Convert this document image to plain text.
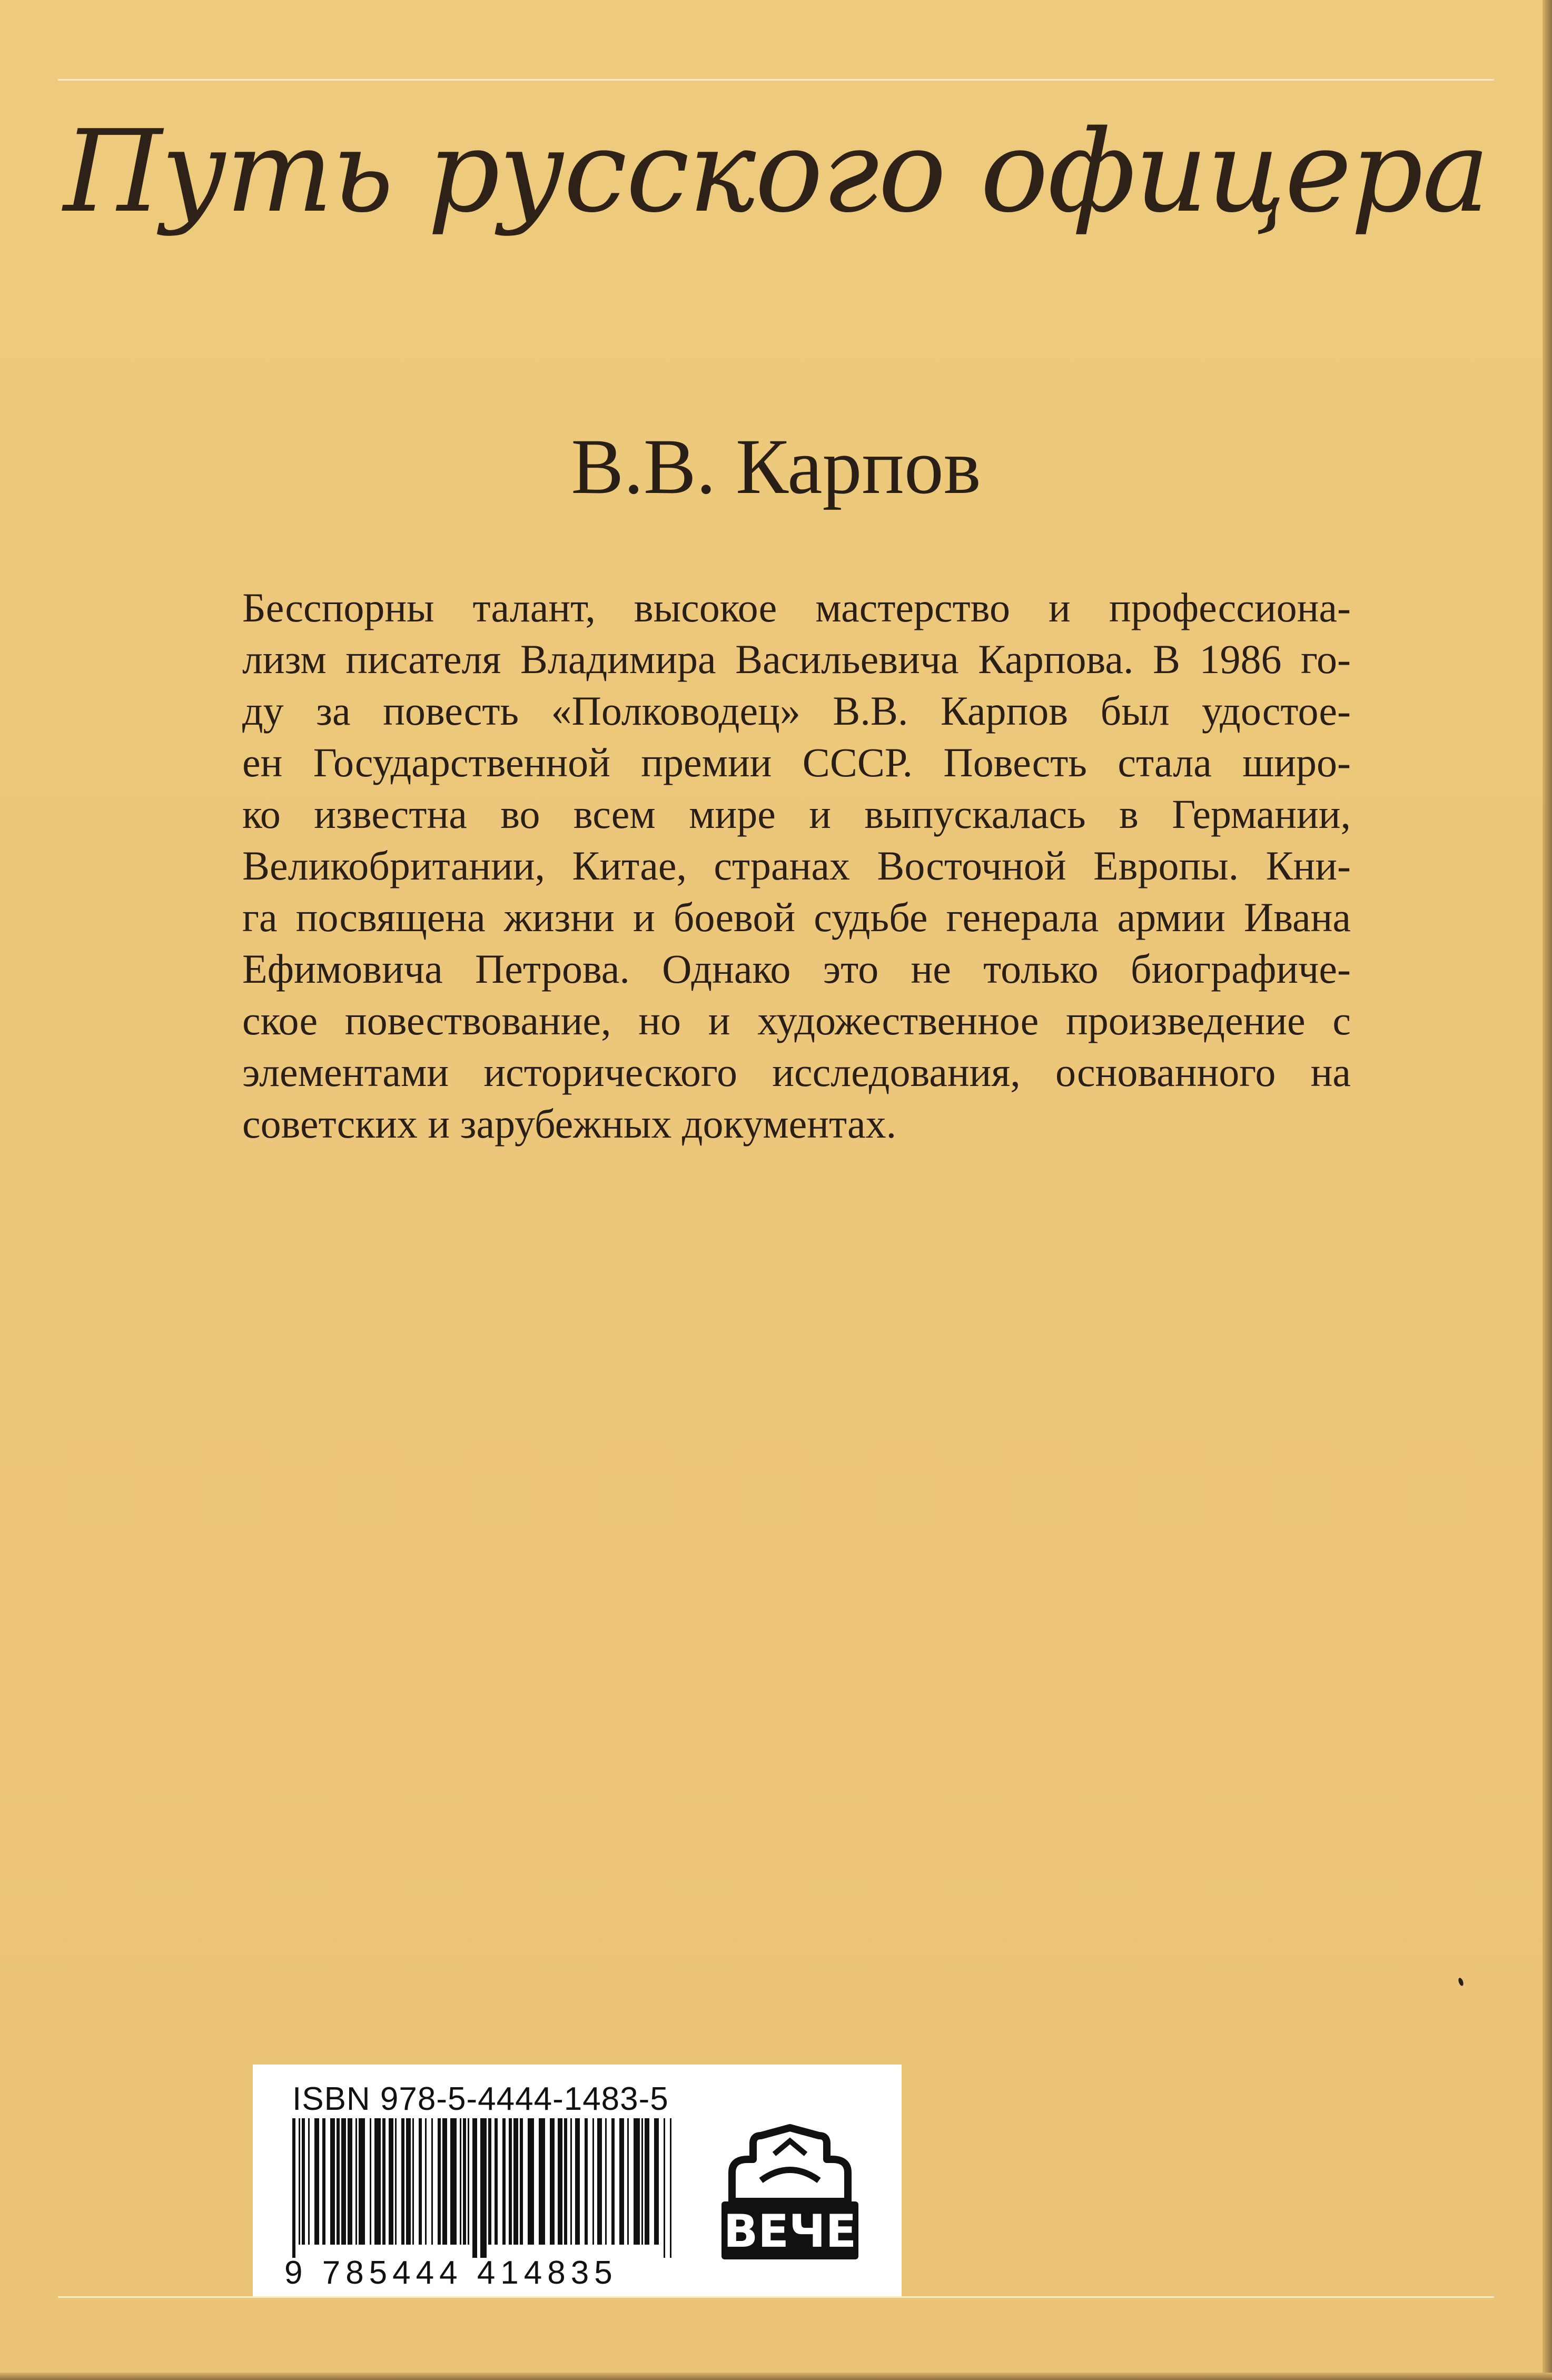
Путь русского офицера
В.В. Карпов
Бесспорны талант, высокое мастерство и профессиона-
лизм писателя Владимира Васильевича Карпова. В 1986 го-
ду за повесть «Полководец» В.В. Карпов был удостое-
ен Государственной премии СССР. Повесть стала широ-
ко известна во всем мире и выпускалась в Германии,
Великобритании, Китае, странах Восточной Европы. Кни-
га посвящена жизни и боевой судьбе генерала армии Ивана
Ефимовича Петрова. Однако это не только биографиче-
ское повествование, но и художественное произведение с
элементами исторического исследования, основанного на
советских и зарубежных документах.
ISBN 978-5-4444-1483-5
9 785444 414835
ВЕЧЕ
